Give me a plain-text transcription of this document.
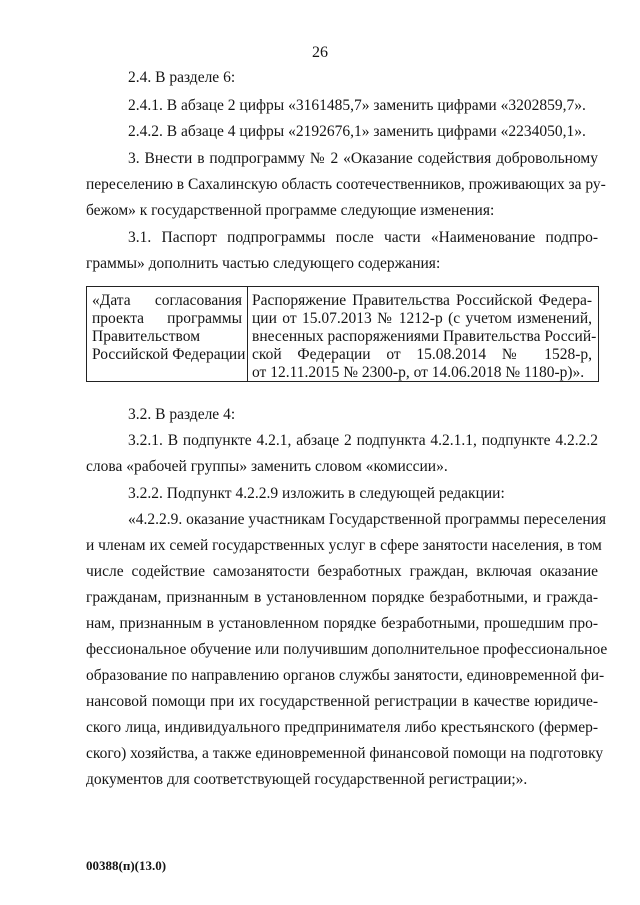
26
2.4. В разделе 6:
2.4.1. В абзаце 2 цифры «3161485,7» заменить цифрами «3202859,7».
2.4.2. В абзаце 4 цифры «2192676,1» заменить цифрами «2234050,1».
3. Внести в подпрограмму № 2 «Оказание содействия добровольному
переселению в Сахалинскую область соотечественников, проживающих за ру-
бежом» к государственной программе следующие изменения:
3.1. Паспорт подпрограммы после части «Наименование подпро-
граммы» дополнить частью следующего содержания:
«Дата согласования
проекта программы
Правительством
Российской Федерации
Распоряжение Правительства Российской Федера-
ции от 15.07.2013 № 1212-р (с учетом изменений,
внесенных распоряжениями Правительства Россий-
ской Федерации от 15.08.2014 № 1528-р,
от 12.11.2015 № 2300-р, от 14.06.2018 № 1180-р)».
3.2. В разделе 4:
3.2.1. В подпункте 4.2.1, абзаце 2 подпункта 4.2.1.1, подпункте 4.2.2.2
слова «рабочей группы» заменить словом «комиссии».
3.2.2. Подпункт 4.2.2.9 изложить в следующей редакции:
«4.2.2.9. оказание участникам Государственной программы переселения
и членам их семей государственных услуг в сфере занятости населения, в том
числе содействие самозанятости безработных граждан, включая оказание
гражданам, признанным в установленном порядке безработными, и гражда-
нам, признанным в установленном порядке безработными, прошедшим про-
фессиональное обучение или получившим дополнительное профессиональное
образование по направлению органов службы занятости, единовременной фи-
нансовой помощи при их государственной регистрации в качестве юридиче-
ского лица, индивидуального предпринимателя либо крестьянского (фермер-
ского) хозяйства, а также единовременной финансовой помощи на подготовку
документов для соответствующей государственной регистрации;».
00388(п)(13.0)
